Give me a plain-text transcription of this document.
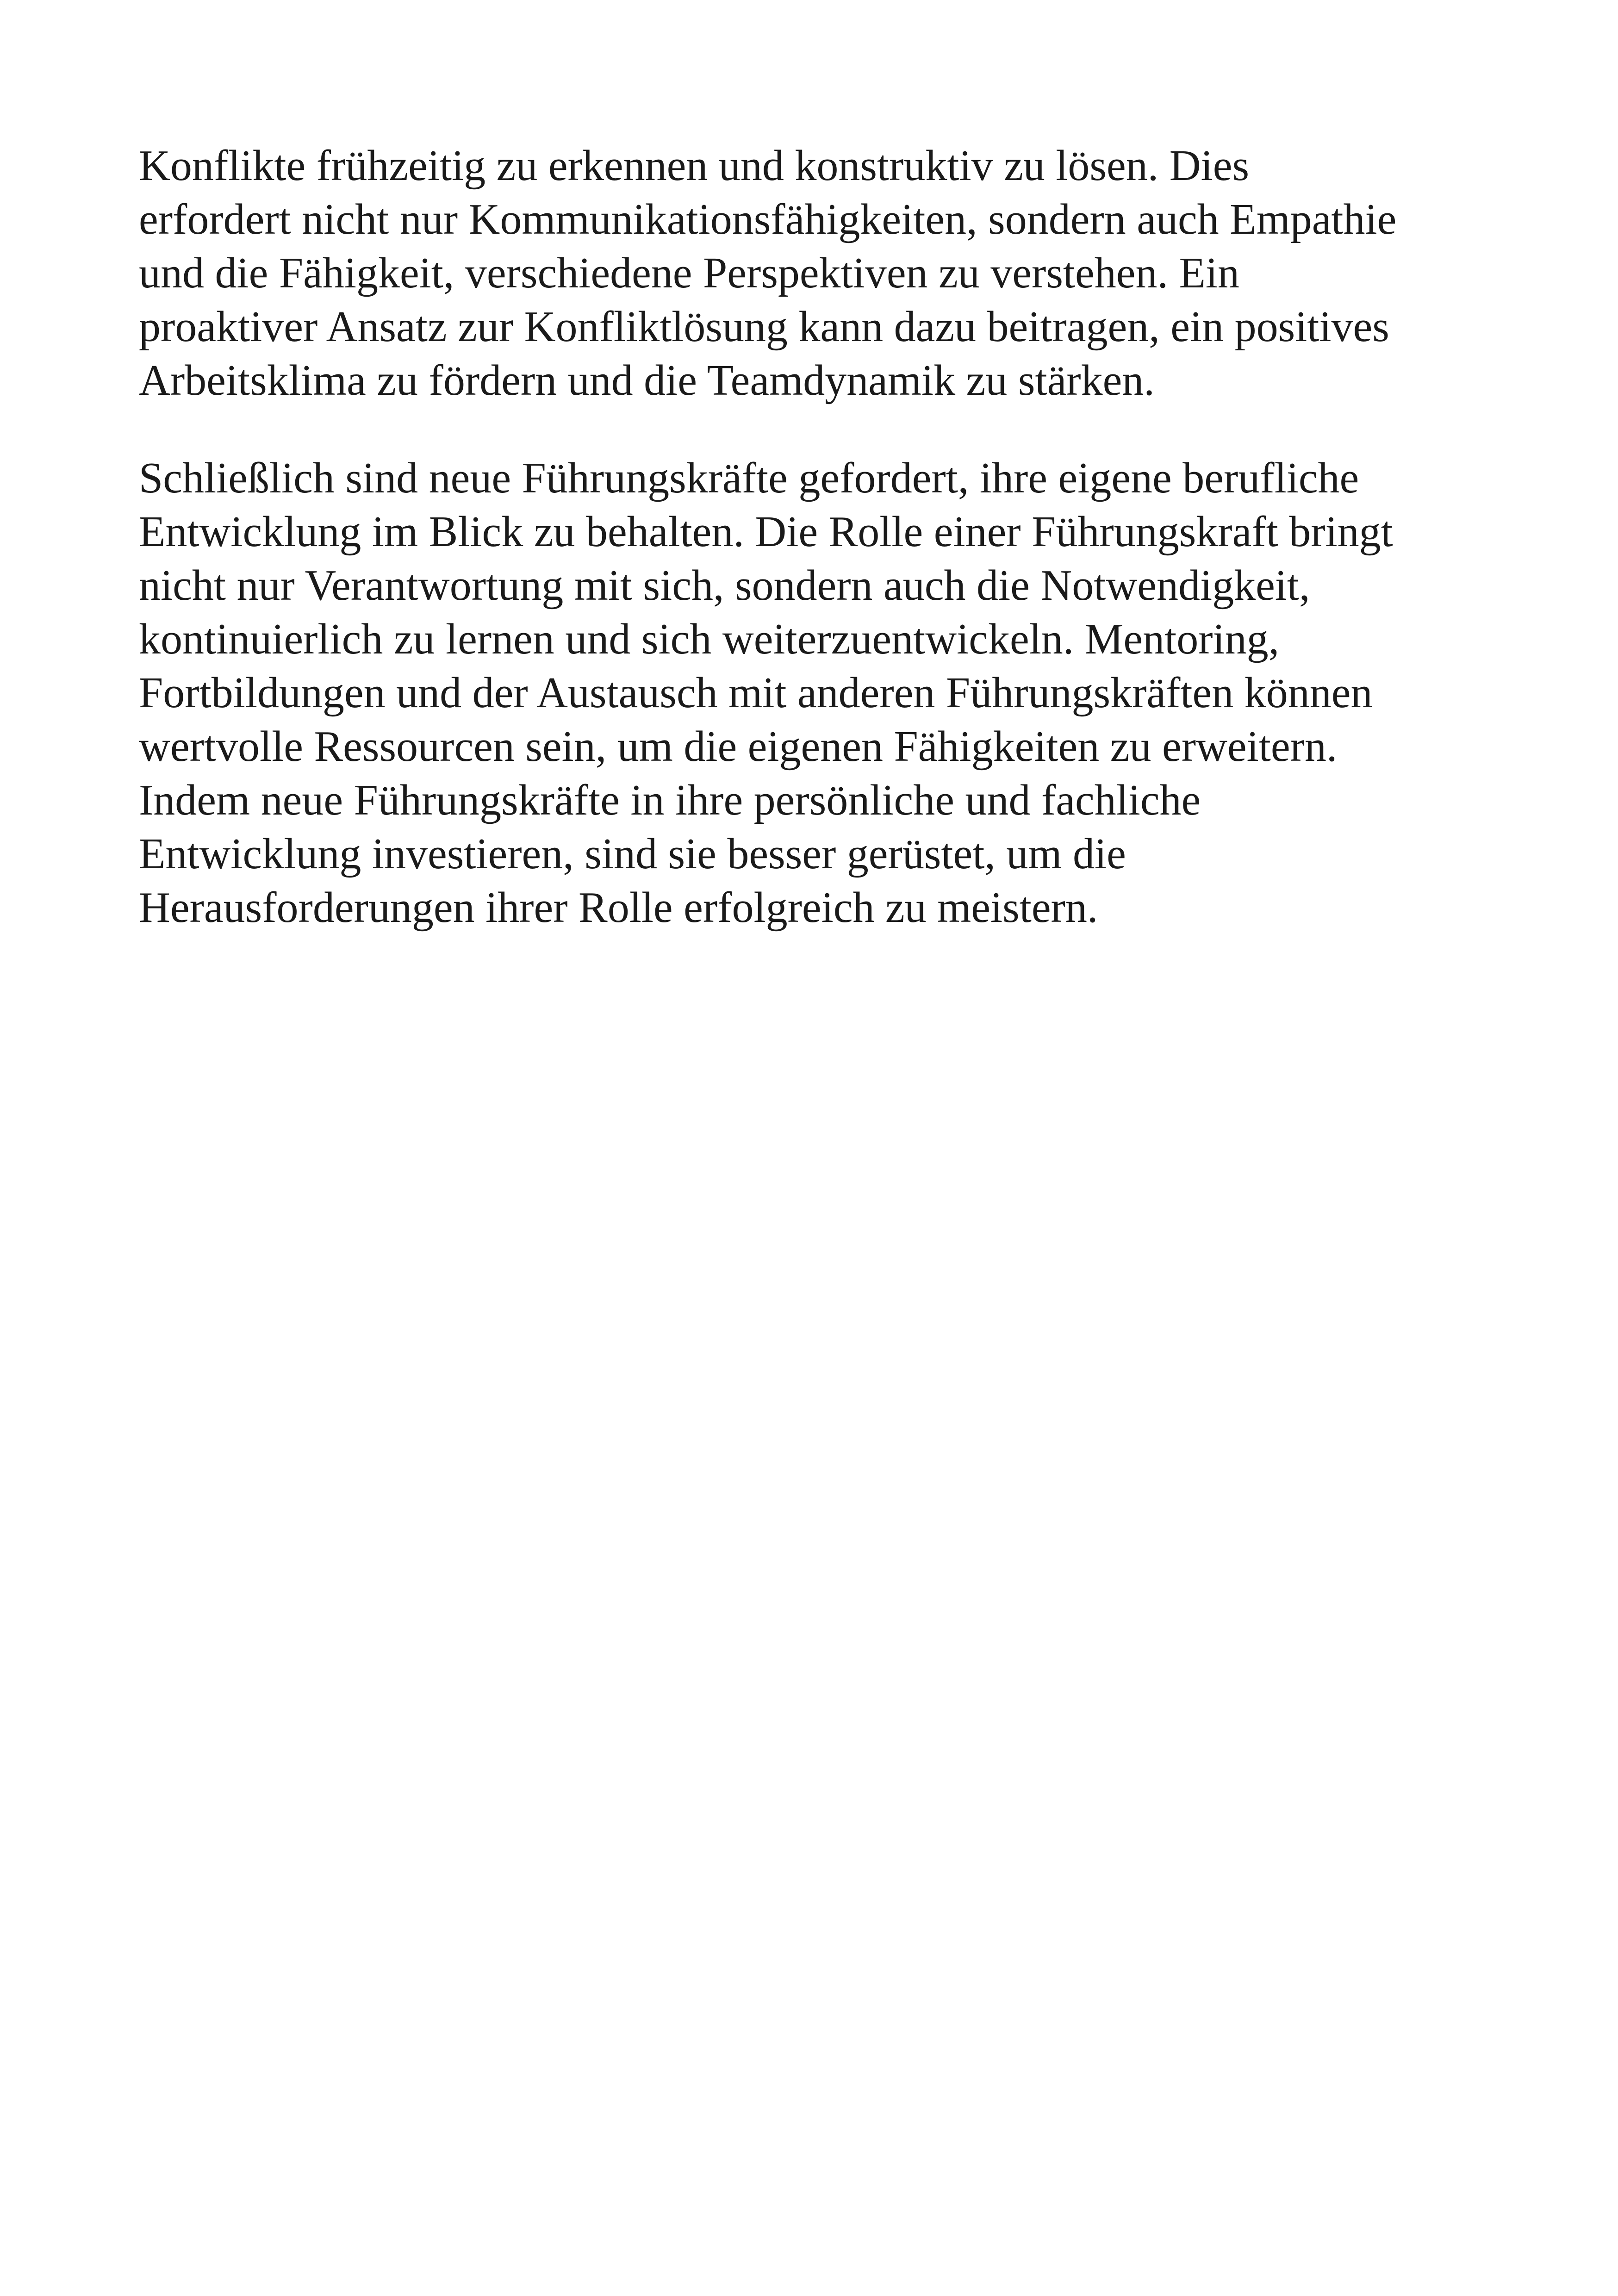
Konflikte frühzeitig zu erkennen und konstruktiv zu lösen. Dies
erfordert nicht nur Kommunikationsfähigkeiten, sondern auch Empathie
und die Fähigkeit, verschiedene Perspektiven zu verstehen. Ein
proaktiver Ansatz zur Konfliktlösung kann dazu beitragen, ein positives
Arbeitsklima zu fördern und die Teamdynamik zu stärken.

Schließlich sind neue Führungskräfte gefordert, ihre eigene berufliche
Entwicklung im Blick zu behalten. Die Rolle einer Führungskraft bringt
nicht nur Verantwortung mit sich, sondern auch die Notwendigkeit,
kontinuierlich zu lernen und sich weiterzuentwickeln. Mentoring,
Fortbildungen und der Austausch mit anderen Führungskräften können
wertvolle Ressourcen sein, um die eigenen Fähigkeiten zu erweitern.
Indem neue Führungskräfte in ihre persönliche und fachliche
Entwicklung investieren, sind sie besser gerüstet, um die
Herausforderungen ihrer Rolle erfolgreich zu meistern.
